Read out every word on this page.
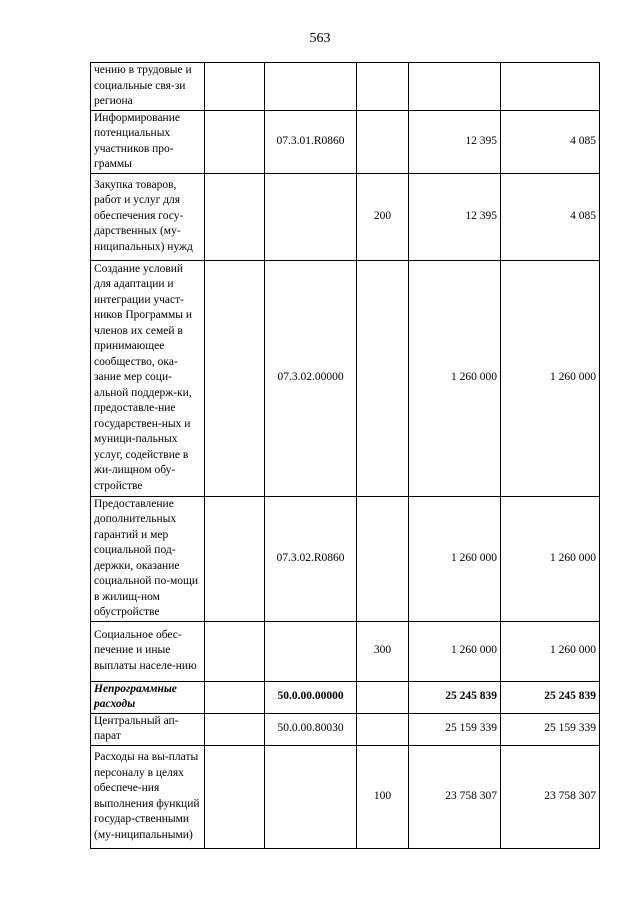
563
чению в трудовые и социальные свя-зи региона					
Информирование потенциальных участников про-граммы		07.3.01.R0860		12 395	4 085
Закупка товаров, работ и услуг для обеспечения госу-дарственных (му-ниципальных) нужд			200	12 395	4 085
Создание условий для адаптации и интеграции участ-ников Программы и членов их семей в принимающее сообщество, ока-зание мер соци-альной поддерж-ки, предоставле-ние государствен-ных и муници-пальных услуг, содействие в жи-лищном обу-стройстве		07.3.02.00000		1 260 000	1 260 000
Предоставление дополнительных гарантий и мер социальной под-держки, оказание социальной по-мощи в жилищ-ном обустройстве		07.3.02.R0860		1 260 000	1 260 000
Социальное обес-печение и иные выплаты населе-нию			300	1 260 000	1 260 000
Непрограммные расходы		50.0.00.00000		25 245 839	25 245 839
Центральный ап-парат		50.0.00.80030		25 159 339	25 159 339
Расходы на вы-платы персоналу в целях обеспече-ния выполнения функций государ-ственными (му-ниципальными)			100	23 758 307	23 758 307
